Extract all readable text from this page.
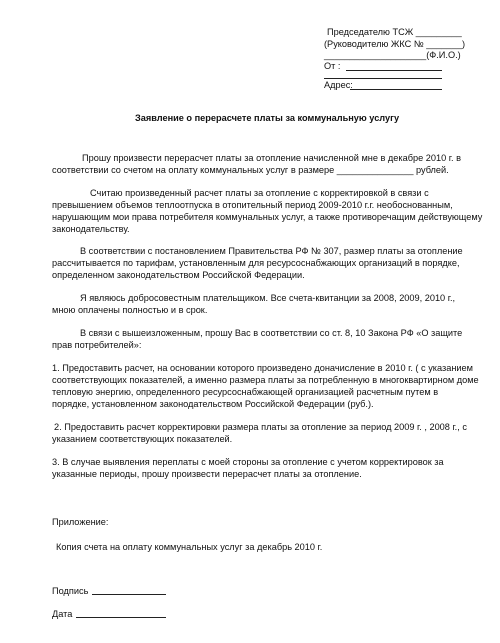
Председателю ТСЖ _________
(Руководителю ЖКС № _______)
____________________(Ф.И.О.)
От :
Адрес:
Заявление о перерасчете платы за коммунальную услугу
Прошу произвести перерасчет платы за отопление начисленной мне в декабре 2010 г. в
соответствии со счетом на оплату коммунальных услуг в размере _______________ рублей.
Считаю произведенный расчет платы за отопление с корректировкой в связи с
превышением объемов теплоотпуска в отопительный период 2009-2010 г.г. необоснованным,
нарушающим мои права потребителя коммунальных услуг, а также противоречащим действующему
законодательству.
В соответствии с постановлением Правительства РФ № 307, размер платы за отопление
рассчитывается по тарифам, установленным для ресурсоснабжающих организаций в порядке,
определенном законодательством Российской Федерации.
Я являюсь добросовестным плательщиком. Все счета-квитанции за 2008, 2009, 2010 г.,
мною оплачены полностью и в срок.
В связи с вышеизложенным, прошу Вас в соответствии со ст. 8, 10 Закона РФ «О защите
прав потребителей»:
1. Предоставить расчет, на основании которого произведено доначисление в 2010 г. ( с указанием
соответствующих показателей, а именно размера платы за потребленную в многоквартирном доме
тепловую энергию, определенного ресурсоснабжающей организацией расчетным путем в
порядке, установленном законодательством Российской Федерации (руб.).
2. Предоставить расчет корректировки размера платы за отопление за период 2009 г. , 2008 г., с
указанием соответствующих показателей.
3. В случае выявления переплаты с моей стороны за отопление с учетом корректировок за
указанные периоды, прошу произвести перерасчет платы за отопление.
Приложение:
Копия счета на оплату коммунальных услуг за декабрь 2010 г.
Подпись
Дата
